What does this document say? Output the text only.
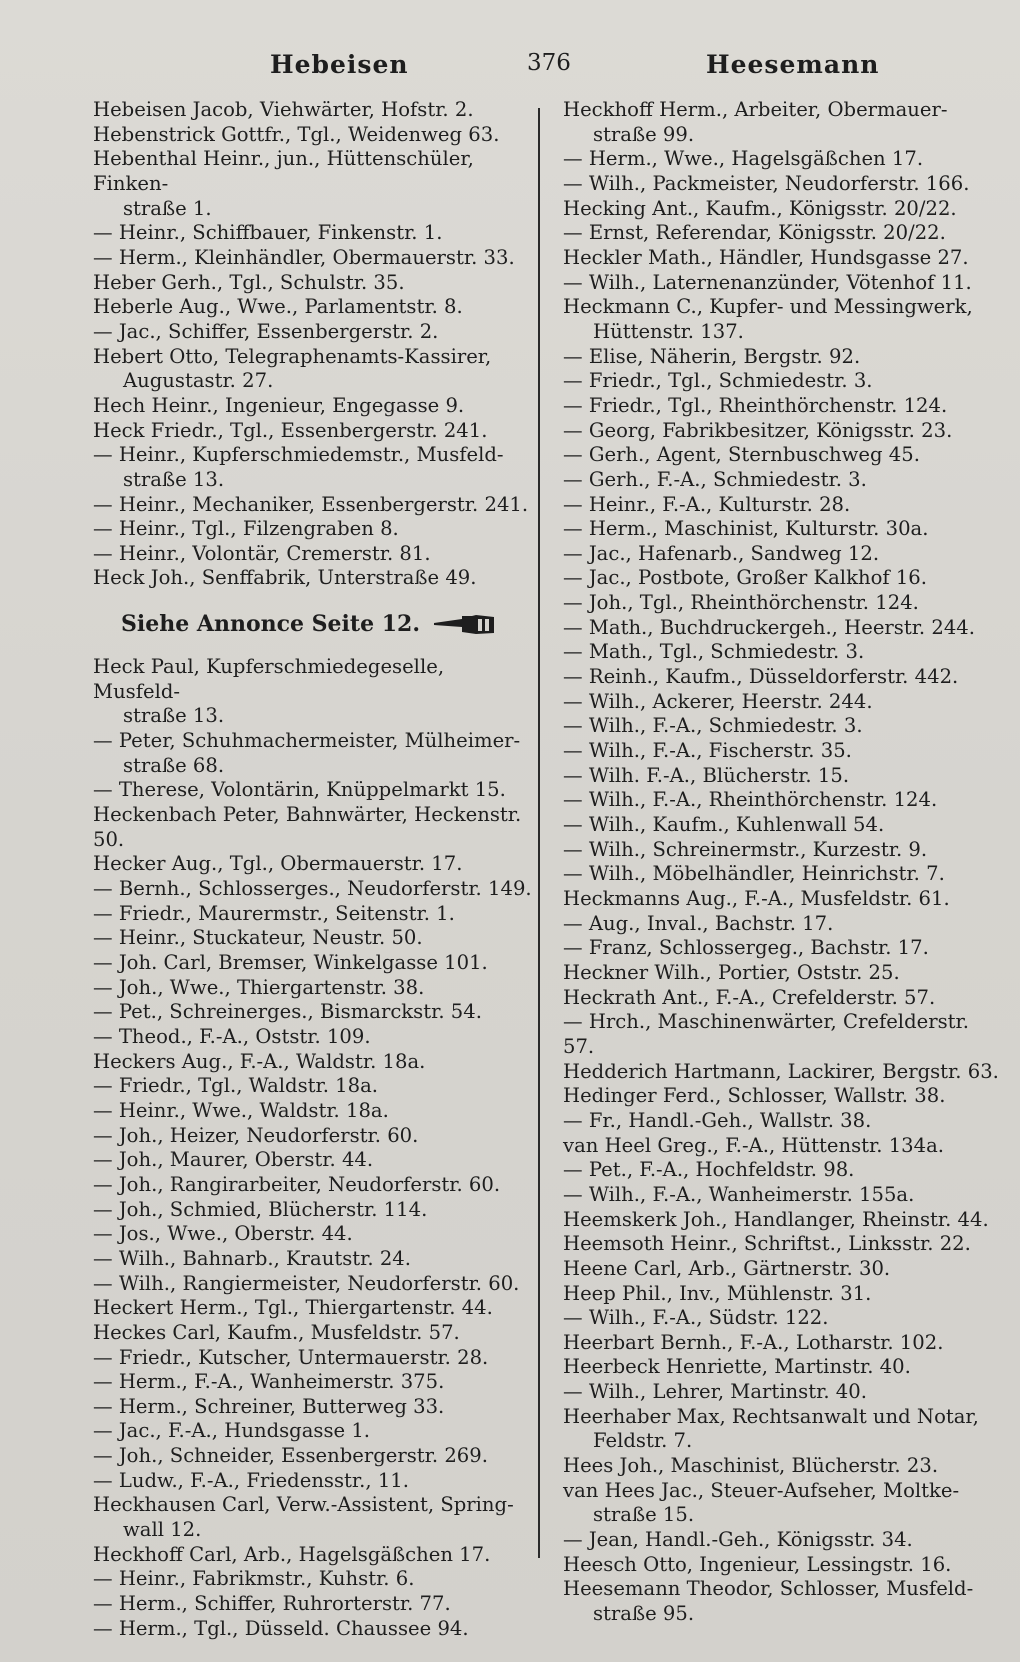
Hebeisen	376	Heesemann
Hebeisen Jacob, Viehwärter, Hofstr. 2.
Hebenstrick Gottfr., Tgl., Weidenweg 63.
Hebenthal Heinr., jun., Hüttenschüler, Finken-
straße 1.
— Heinr., Schiffbauer, Finkenstr. 1.
— Herm., Kleinhändler, Obermauerstr. 33.
Heber Gerh., Tgl., Schulstr. 35.
Heberle Aug., Wwe., Parlamentstr. 8.
— Jac., Schiffer, Essenbergerstr. 2.
Hebert Otto, Telegraphenamts-Kassirer,
Augustastr. 27.
Hech Heinr., Ingenieur, Engegasse 9.
Heck Friedr., Tgl., Essenbergerstr. 241.
— Heinr., Kupferschmiedemstr., Musfeld-
straße 13.
— Heinr., Mechaniker, Essenbergerstr. 241.
— Heinr., Tgl., Filzengraben 8.
— Heinr., Volontär, Cremerstr. 81.
Heck Joh., Senffabrik, Unterstraße 49.
Siehe Annonce Seite 12.
Heck Paul, Kupferschmiedegeselle, Musfeld-
straße 13.
— Peter, Schuhmachermeister, Mülheimer-
straße 68.
— Therese, Volontärin, Knüppelmarkt 15.
Heckenbach Peter, Bahnwärter, Heckenstr. 50.
Hecker Aug., Tgl., Obermauerstr. 17.
— Bernh., Schlosserges., Neudorferstr. 149.
— Friedr., Maurermstr., Seitenstr. 1.
— Heinr., Stuckateur, Neustr. 50.
— Joh. Carl, Bremser, Winkelgasse 101.
— Joh., Wwe., Thiergartenstr. 38.
— Pet., Schreinerges., Bismarckstr. 54.
— Theod., F.-A., Oststr. 109.
Heckers Aug., F.-A., Waldstr. 18a.
— Friedr., Tgl., Waldstr. 18a.
— Heinr., Wwe., Waldstr. 18a.
— Joh., Heizer, Neudorferstr. 60.
— Joh., Maurer, Oberstr. 44.
— Joh., Rangirarbeiter, Neudorferstr. 60.
— Joh., Schmied, Blücherstr. 114.
— Jos., Wwe., Oberstr. 44.
— Wilh., Bahnarb., Krautstr. 24.
— Wilh., Rangiermeister, Neudorferstr. 60.
Heckert Herm., Tgl., Thiergartenstr. 44.
Heckes Carl, Kaufm., Musfeldstr. 57.
— Friedr., Kutscher, Untermauerstr. 28.
— Herm., F.-A., Wanheimerstr. 375.
— Herm., Schreiner, Butterweg 33.
— Jac., F.-A., Hundsgasse 1.
— Joh., Schneider, Essenbergerstr. 269.
— Ludw., F.-A., Friedensstr., 11.
Heckhausen Carl, Verw.-Assistent, Spring-
wall 12.
Heckhoff Carl, Arb., Hagelsgäßchen 17.
— Heinr., Fabrikmstr., Kuhstr. 6.
— Herm., Schiffer, Ruhrorterstr. 77.
— Herm., Tgl., Düsseld. Chaussee 94.
Heckhoff Herm., Arbeiter, Obermauer-
straße 99.
— Herm., Wwe., Hagelsgäßchen 17.
— Wilh., Packmeister, Neudorferstr. 166.
Hecking Ant., Kaufm., Königsstr. 20/22.
— Ernst, Referendar, Königsstr. 20/22.
Heckler Math., Händler, Hundsgasse 27.
— Wilh., Laternenanzünder, Vötenhof 11.
Heckmann C., Kupfer- und Messingwerk,
Hüttenstr. 137.
— Elise, Näherin, Bergstr. 92.
— Friedr., Tgl., Schmiedestr. 3.
— Friedr., Tgl., Rheinthörchenstr. 124.
— Georg, Fabrikbesitzer, Königsstr. 23.
— Gerh., Agent, Sternbuschweg 45.
— Gerh., F.-A., Schmiedestr. 3.
— Heinr., F.-A., Kulturstr. 28.
— Herm., Maschinist, Kulturstr. 30a.
— Jac., Hafenarb., Sandweg 12.
— Jac., Postbote, Großer Kalkhof 16.
— Joh., Tgl., Rheinthörchenstr. 124.
— Math., Buchdruckergeh., Heerstr. 244.
— Math., Tgl., Schmiedestr. 3.
— Reinh., Kaufm., Düsseldorferstr. 442.
— Wilh., Ackerer, Heerstr. 244.
— Wilh., F.-A., Schmiedestr. 3.
— Wilh., F.-A., Fischerstr. 35.
— Wilh. F.-A., Blücherstr. 15.
— Wilh., F.-A., Rheinthörchenstr. 124.
— Wilh., Kaufm., Kuhlenwall 54.
— Wilh., Schreinermstr., Kurzestr. 9.
— Wilh., Möbelhändler, Heinrichstr. 7.
Heckmanns Aug., F.-A., Musfeldstr. 61.
— Aug., Inval., Bachstr. 17.
— Franz, Schlossergeg., Bachstr. 17.
Heckner Wilh., Portier, Oststr. 25.
Heckrath Ant., F.-A., Crefelderstr. 57.
— Hrch., Maschinenwärter, Crefelderstr. 57.
Hedderich Hartmann, Lackirer, Bergstr. 63.
Hedinger Ferd., Schlosser, Wallstr. 38.
— Fr., Handl.-Geh., Wallstr. 38.
van Heel Greg., F.-A., Hüttenstr. 134a.
— Pet., F.-A., Hochfeldstr. 98.
— Wilh., F.-A., Wanheimerstr. 155a.
Heemskerk Joh., Handlanger, Rheinstr. 44.
Heemsoth Heinr., Schriftst., Linksstr. 22.
Heene Carl, Arb., Gärtnerstr. 30.
Heep Phil., Inv., Mühlenstr. 31.
— Wilh., F.-A., Südstr. 122.
Heerbart Bernh., F.-A., Lotharstr. 102.
Heerbeck Henriette, Martinstr. 40.
— Wilh., Lehrer, Martinstr. 40.
Heerhaber Max, Rechtsanwalt und Notar,
Feldstr. 7.
Hees Joh., Maschinist, Blücherstr. 23.
van Hees Jac., Steuer-Aufseher, Moltke-
straße 15.
— Jean, Handl.-Geh., Königsstr. 34.
Heesch Otto, Ingenieur, Lessingstr. 16.
Heesemann Theodor, Schlosser, Musfeld-
straße 95.
